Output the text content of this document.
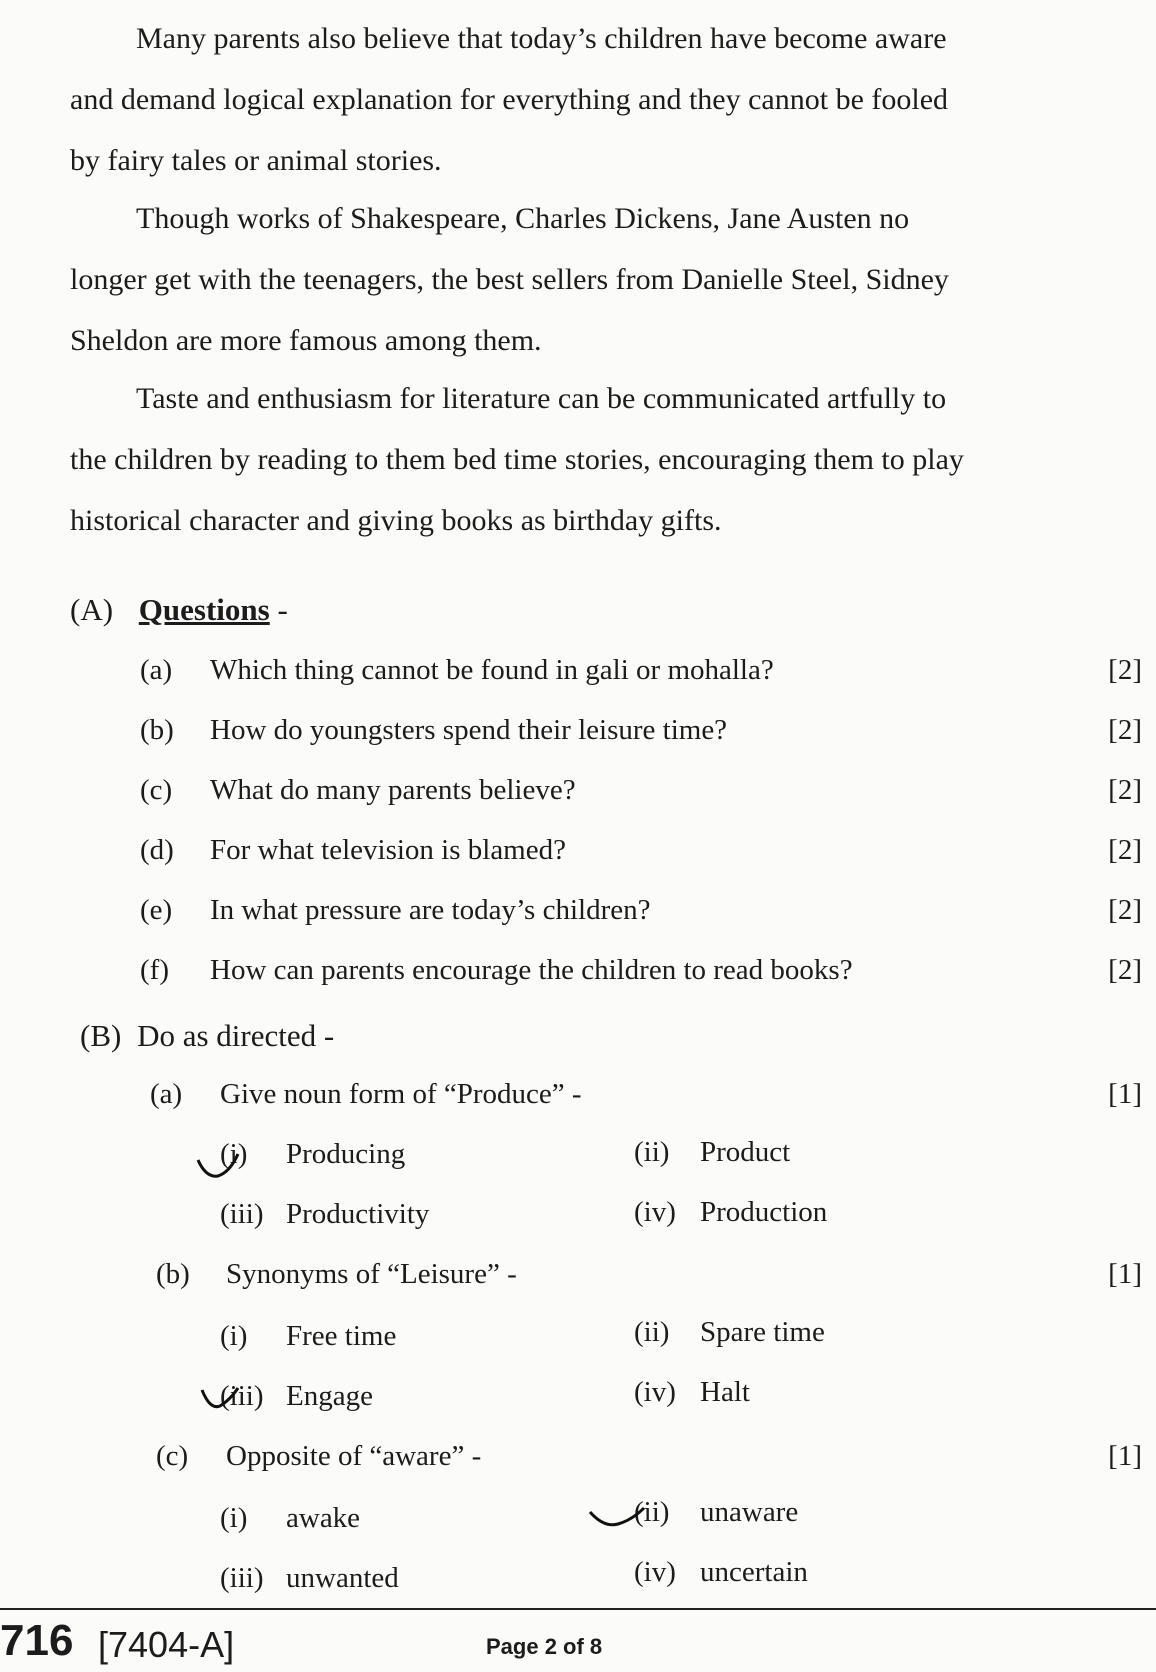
Many parents also believe that today’s children have become aware
and demand logical explanation for everything and they cannot be fooled
by fairy tales or animal stories.
Though works of Shakespeare, Charles Dickens, Jane Austen no
longer get with the teenagers, the best sellers from Danielle Steel, Sidney
Sheldon are more famous among them.
Taste and enthusiasm for literature can be communicated artfully to
the children by reading to them bed time stories, encouraging them to play
historical character and giving books as birthday gifts.
(A) Questions -
(a) Which thing cannot be found in gali or mohalla?	[2]
(b) How do youngsters spend their leisure time?	[2]
(c) What do many parents believe?	[2]
(d) For what television is blamed?	[2]
(e) In what pressure are today’s children?	[2]
(f) How can parents encourage the children to read books?	[2]
(B) Do as directed -
(a) Give noun form of “Produce” -	[1]
(i) Producing	(ii) Product
(iii) Productivity	(iv) Production
(b) Synonyms of “Leisure” -	[1]
(i) Free time	(ii) Spare time
(iii) Engage	(iv) Halt
(c) Opposite of “aware” -	[1]
(i) awake	(ii) unaware
(iii) unwanted	(iv) uncertain
716 [7404-A]	Page 2 of 8
